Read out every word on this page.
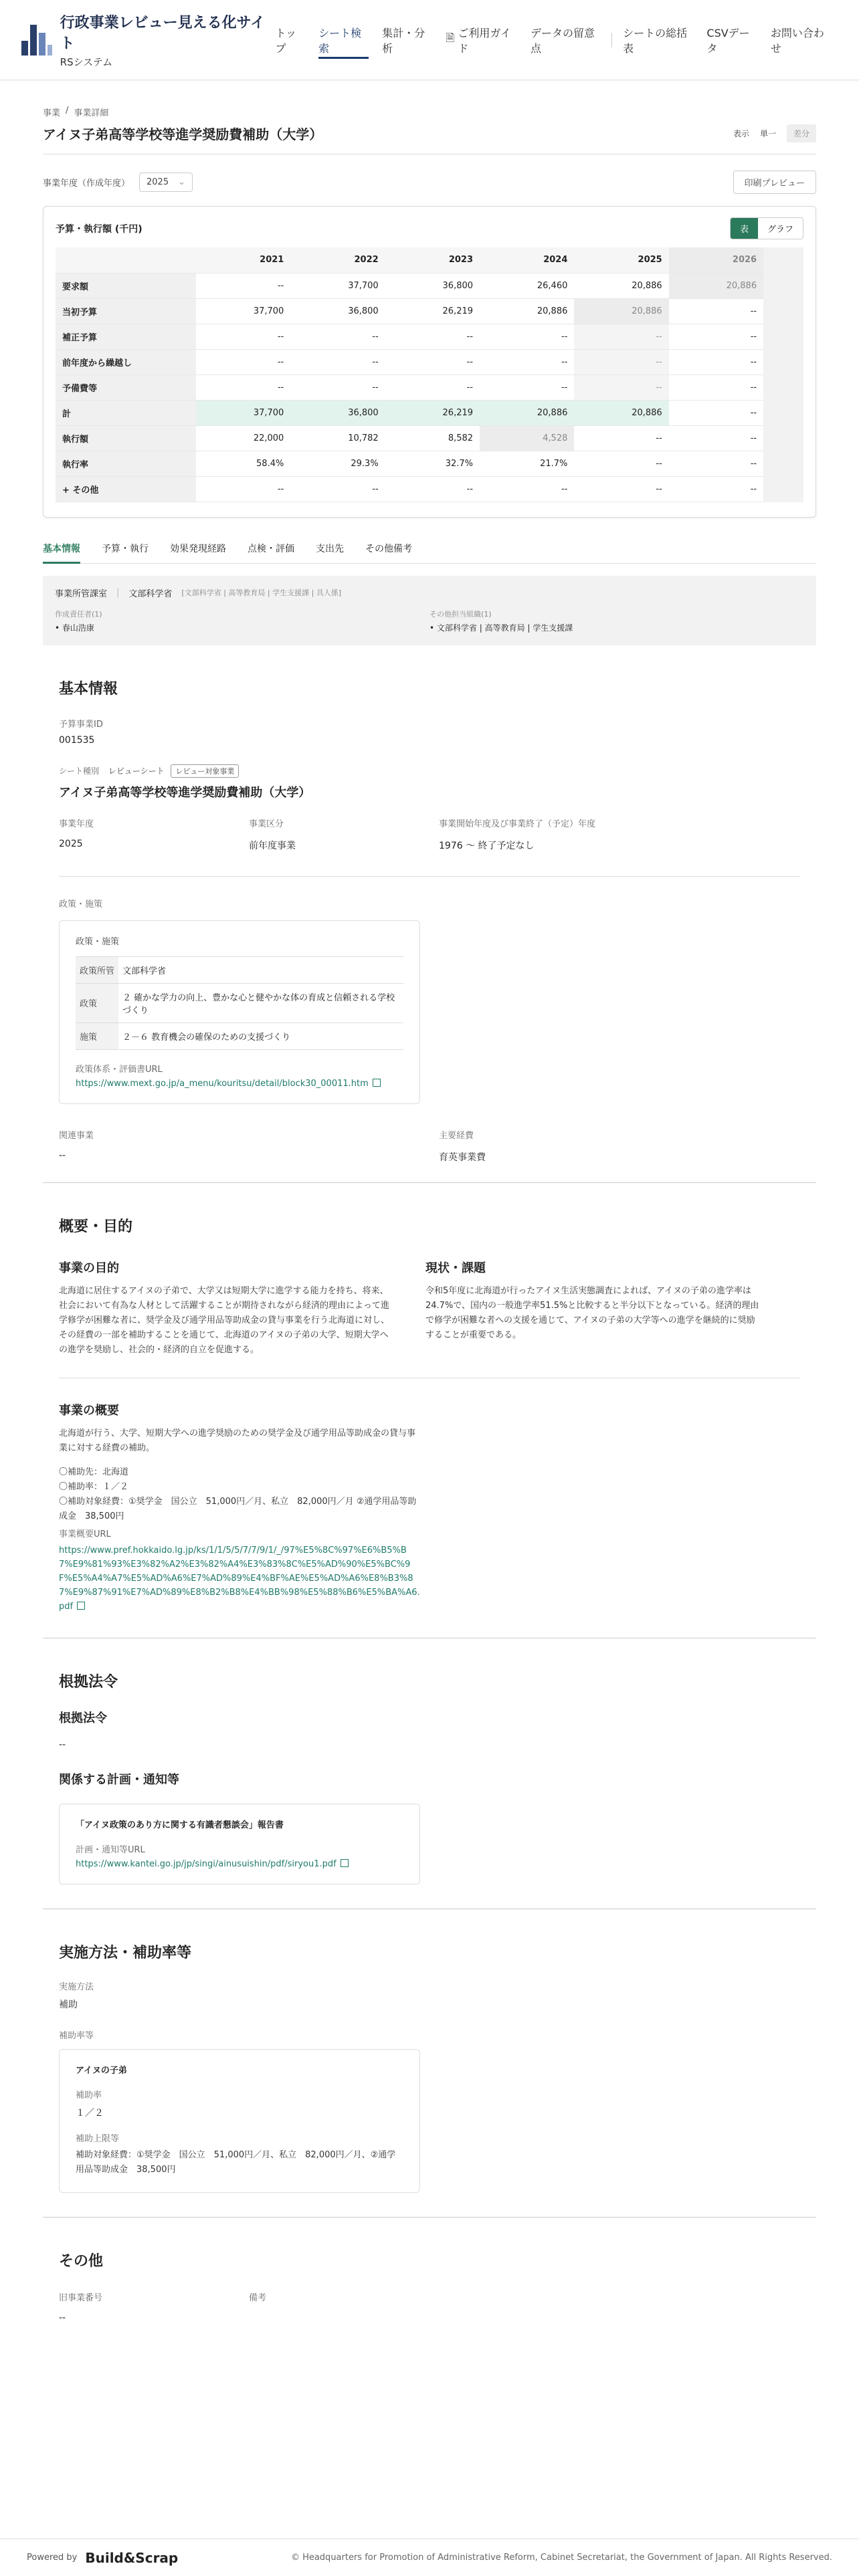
行政事業レビュー見える化サイト
RSシステム
トップ
シート検索
集計・分析
🗎 ご利用ガイド
データの留意点
シートの総括表
CSVデータ
お問い合わせ
事業 / 事業詳細
アイヌ子弟高等学校等進学奨励費補助（大学）	表示	単一	差分
事業年度（作成年度） 2025 ⌄	印刷プレビュー
予算・執行額 (千円)	表	グラフ
	2021	2022	2023	2024	2025	2026
要求額	--	37,700	36,800	26,460	20,886	20,886
当初予算	37,700	36,800	26,219	20,886	20,886	--
補正予算	--	--	--	--	--	--
前年度から繰越し	--	--	--	--	--	--
予備費等	--	--	--	--	--	--
計	37,700	36,800	26,219	20,886	20,886	--
執行額	22,000	10,782	8,582	4,528	--	--
執行率	58.4%	29.3%	32.7%	21.7%	--	--
+ その他	--	--	--	--	--	--
基本情報 予算・執行 効果発現経路 点検・評価 支出先 その他備考
事業所管課室 | 文部科学省 [文部科学省 | 高等教育局 | 学生支援課 | 具人係]
作成責任者(1)
• 春山浩康
その他担当組織(1)
• 文部科学省 | 高等教育局 | 学生支援課
基本情報
予算事業ID
001535
シート種別 レビューシート レビュー対象事業
アイヌ子弟高等学校等進学奨励費補助（大学）
事業年度
2025
事業区分
前年度事業
事業開始年度及び事業終了（予定）年度
1976 〜 終了予定なし
政策・施策
政策・施策
政策所管	文部科学省
政策	２ 確かな学力の向上、豊かな心と健やかな体の育成と信頼される学校づくり
施策	２－６ 教育機会の確保のための支援づくり
政策体系・評価書URL
https://www.mext.go.jp/a_menu/kouritsu/detail/block30_00011.htm
関連事業
--
主要経費
育英事業費
概要・目的
事業の目的
北海道に居住するアイヌの子弟で、大学又は短期大学に進学する能力を持ち、将来、社会において有為な人材として活躍することが期待されながら経済的理由によって進学修学が困難な者に、奨学金及び通学用品等助成金の貸与事業を行う北海道に対し、その経費の一部を補助することを通じて、北海道のアイヌの子弟の大学、短期大学への進学を奨励し、社会的・経済的自立を促進する。
現状・課題
令和5年度に北海道が行ったアイヌ生活実態調査によれば、アイヌの子弟の進学率は24.7%で、国内の一般進学率51.5%と比較すると半分以下となっている。経済的理由で修学が困難な者への支援を通じて、アイヌの子弟の大学等への進学を継続的に奨励することが重要である。
事業の概要
北海道が行う、大学、短期大学への進学奨励のための奨学金及び通学用品等助成金の貸与事業に対する経費の補助。
〇補助先：北海道
〇補助率：１／２
〇補助対象経費：①奨学金　国公立　51,000円／月、私立　82,000円／月 ②通学用品等助成金　38,500円
事業概要URL
https://www.pref.hokkaido.lg.jp/ks/1/1/5/5/7/7/9/1/_/97%E5%8C%97%E6%B5%B7%E9%81%93%E3%82%A2%E3%82%A4%E3%83%8C%E5%AD%90%E5%BC%9F%E5%A4%A7%E5%AD%A6%E7%AD%89%E4%BF%AE%E5%AD%A6%E8%B3%87%E9%87%91%E7%AD%89%E8%B2%B8%E4%BB%98%E5%88%B6%E5%BA%A6.pdf
根拠法令
根拠法令
--
関係する計画・通知等
「アイヌ政策のあり方に関する有識者懇談会」報告書
計画・通知等URL
https://www.kantei.go.jp/jp/singi/ainusuishin/pdf/siryou1.pdf
実施方法・補助率等
実施方法
補助
補助率等
アイヌの子弟
補助率
１／２
補助上限等
補助対象経費：①奨学金　国公立　51,000円／月、私立　82,000円／月、②通学用品等助成金　38,500円
その他
旧事業番号
--
備考
Powered by Build&Scrap	© Headquarters for Promotion of Administrative Reform, Cabinet Secretariat, the Government of Japan. All Rights Reserved.
